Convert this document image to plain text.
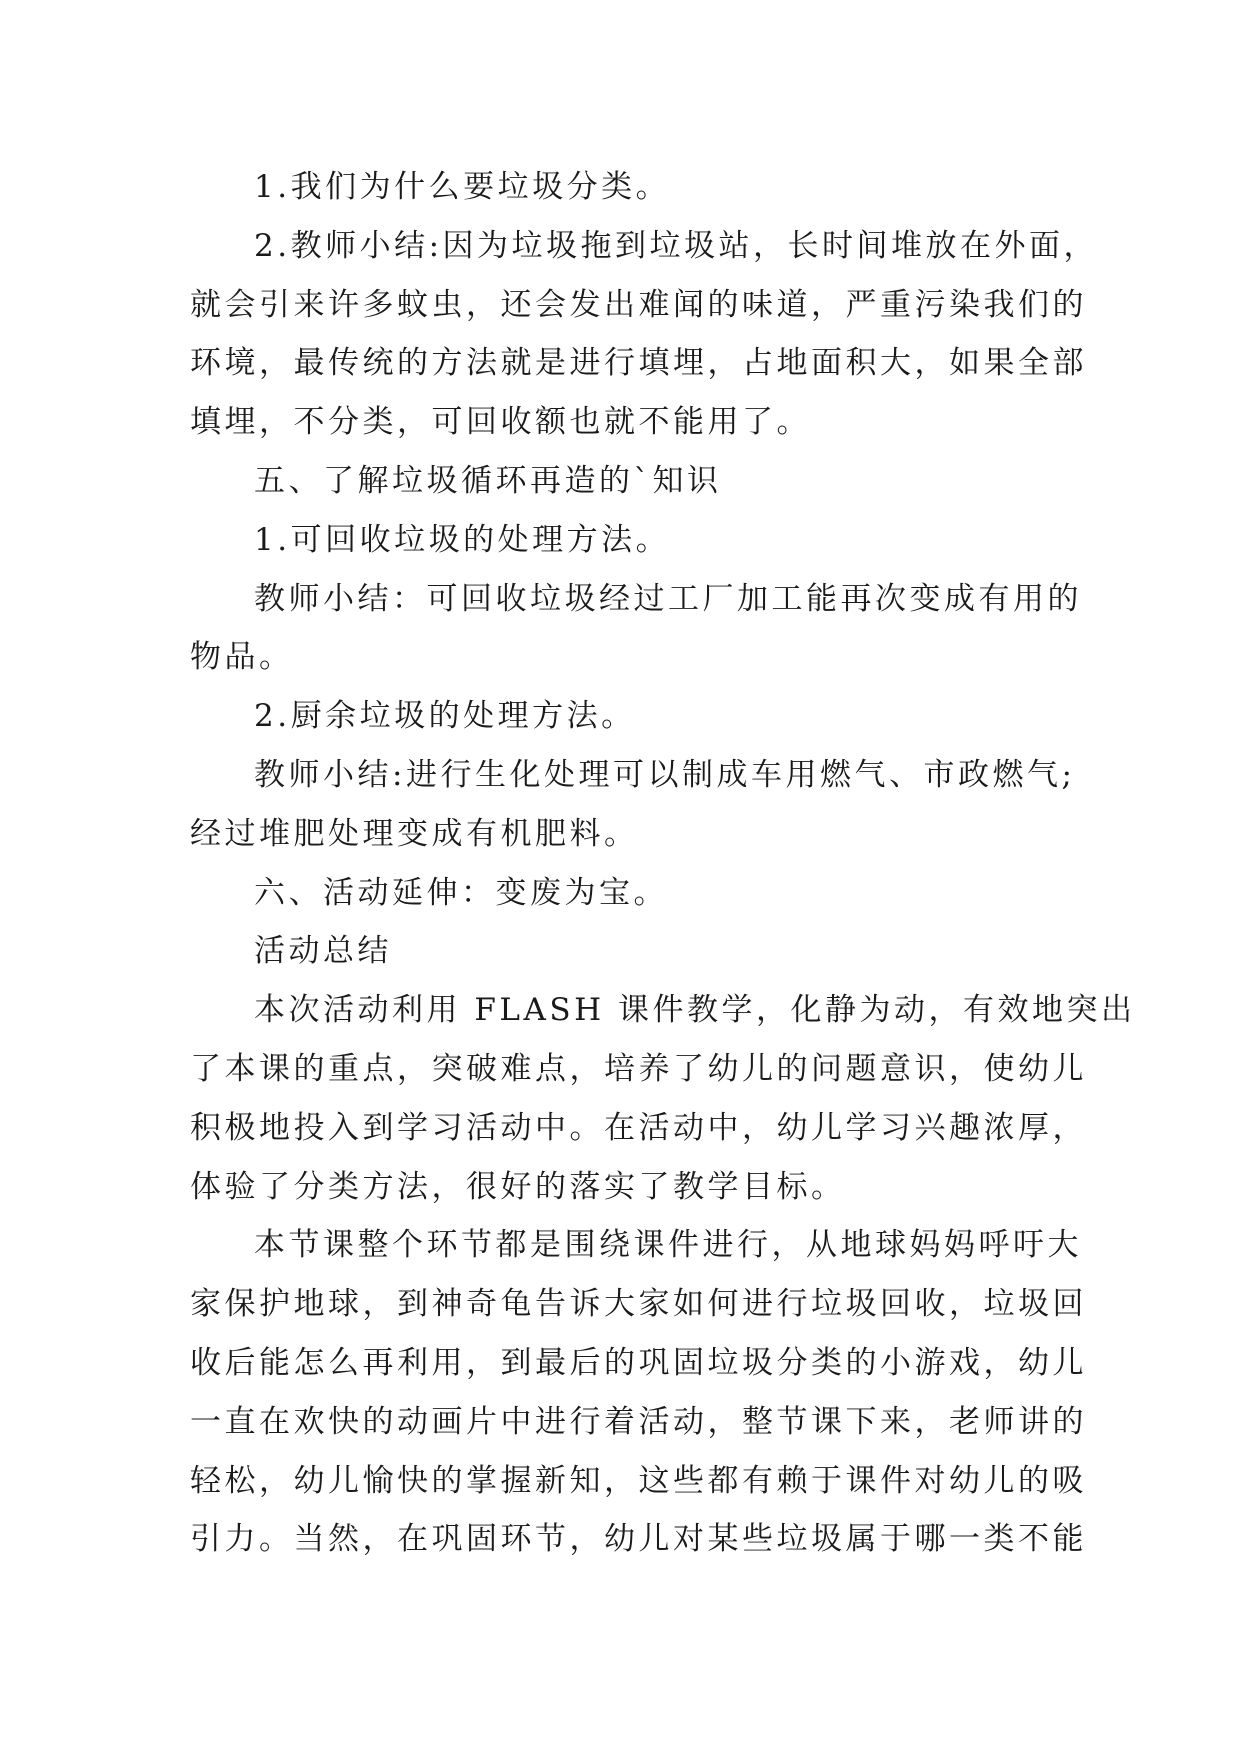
1.我们为什么要垃圾分类。
2.教师小结:因为垃圾拖到垃圾站，长时间堆放在外面，
就会引来许多蚊虫，还会发出难闻的味道，严重污染我们的
环境，最传统的方法就是进行填埋，占地面积大，如果全部
填埋，不分类，可回收额也就不能用了。
五、了解垃圾循环再造的`知识
1.可回收垃圾的处理方法。
教师小结：可回收垃圾经过工厂加工能再次变成有用的
物品。
2.厨余垃圾的处理方法。
教师小结:进行生化处理可以制成车用燃气、市政燃气;
经过堆肥处理变成有机肥料。
六、活动延伸：变废为宝。
活动总结
本次活动利用 FLASH 课件教学，化静为动，有效地突出
了本课的重点，突破难点，培养了幼儿的问题意识，使幼儿
积极地投入到学习活动中。在活动中，幼儿学习兴趣浓厚，
体验了分类方法，很好的落实了教学目标。
本节课整个环节都是围绕课件进行，从地球妈妈呼吁大
家保护地球，到神奇龟告诉大家如何进行垃圾回收，垃圾回
收后能怎么再利用，到最后的巩固垃圾分类的小游戏，幼儿
一直在欢快的动画片中进行着活动，整节课下来，老师讲的
轻松，幼儿愉快的掌握新知，这些都有赖于课件对幼儿的吸
引力。当然，在巩固环节，幼儿对某些垃圾属于哪一类不能
